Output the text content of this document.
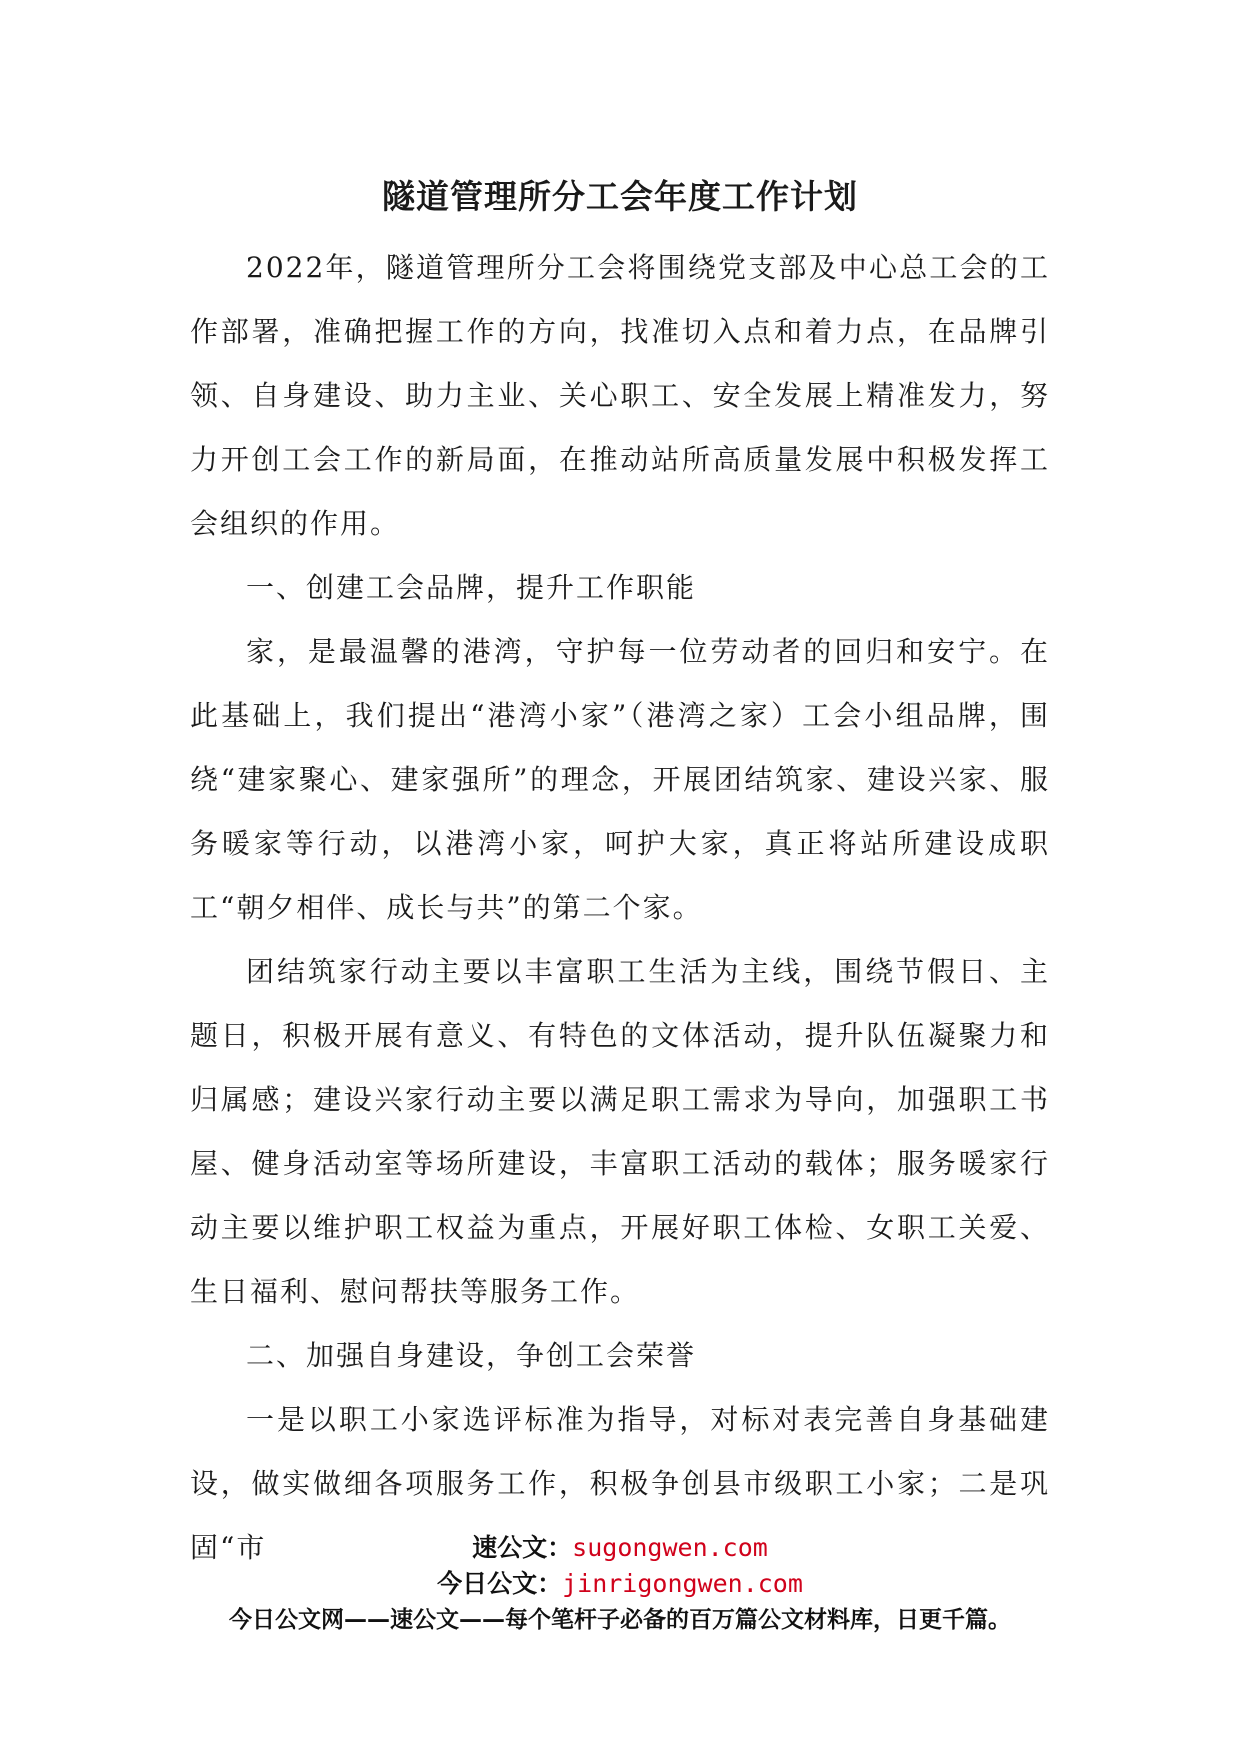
隧道管理所分工会年度工作计划

2022年，隧道管理所分工会将围绕党支部及中心总工会的工作部署，准确把握工作的方向，找准切入点和着力点，在品牌引领、自身建设、助力主业、关心职工、安全发展上精准发力，努力开创工会工作的新局面，在推动站所高质量发展中积极发挥工会组织的作用。

一、创建工会品牌，提升工作职能

家，是最温馨的港湾，守护每一位劳动者的回归和安宁。在此基础上，我们提出“港湾小家”（港湾之家）工会小组品牌，围绕“建家聚心、建家强所”的理念，开展团结筑家、建设兴家、服务暖家等行动，以港湾小家，呵护大家，真正将站所建设成职工“朝夕相伴、成长与共”的第二个家。

团结筑家行动主要以丰富职工生活为主线，围绕节假日、主题日，积极开展有意义、有特色的文体活动，提升队伍凝聚力和归属感；建设兴家行动主要以满足职工需求为导向，加强职工书屋、健身活动室等场所建设，丰富职工活动的载体；服务暖家行动主要以维护职工权益为重点，开展好职工体检、女职工关爱、生日福利、慰问帮扶等服务工作。

二、加强自身建设，争创工会荣誉

一是以职工小家选评标准为指导，对标对表完善自身基础建设，做实做细各项服务工作，积极争创县市级职工小家；二是巩固“市	速公文：sugongwen.com
今日公文：jinrigongwen.com
今日公文网——速公文——每个笔杆子必备的百万篇公文材料库，日更千篇。
